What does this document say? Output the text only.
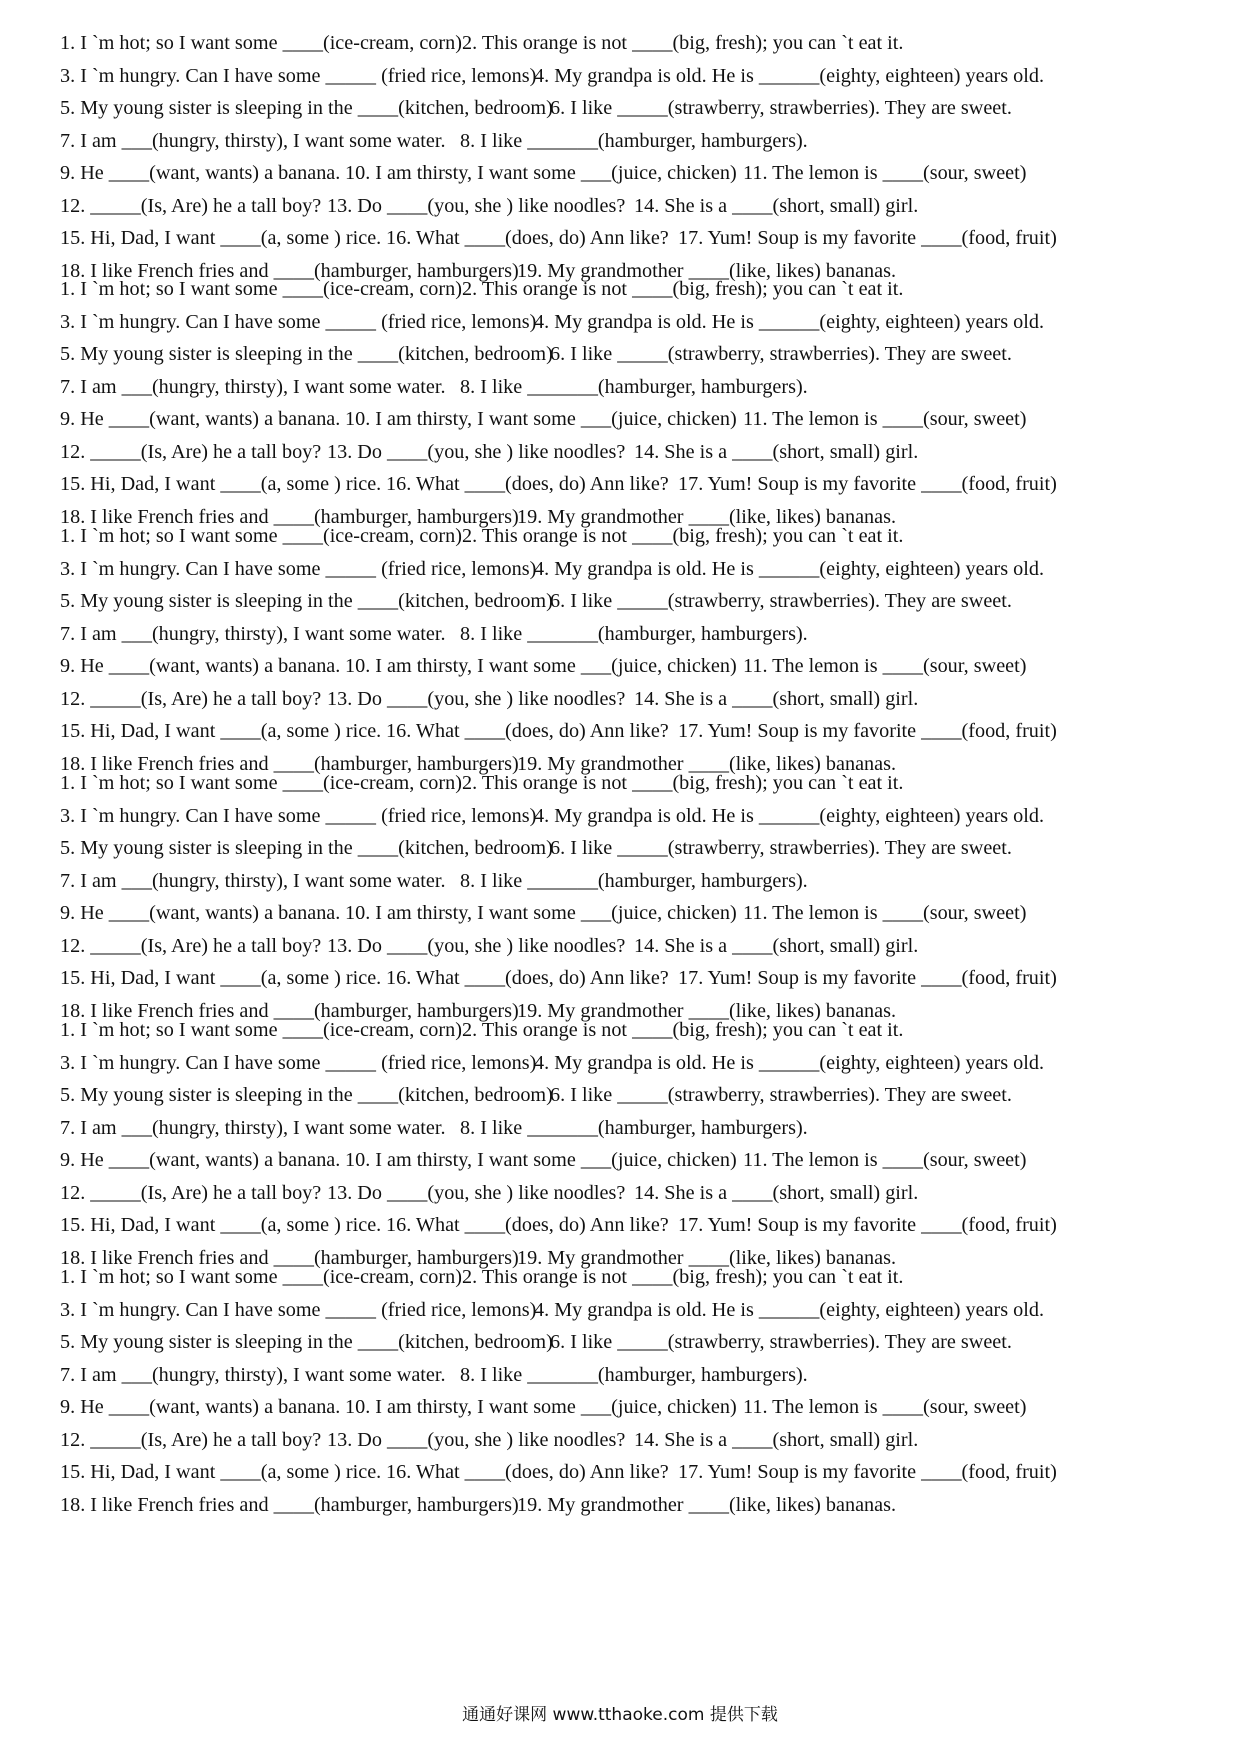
1. I `m hot; so I want some ____(ice-cream, corn) 2. This orange is not ____(big, fresh); you can `t eat it.
3. I `m hungry. Can I have some _____ (fried rice, lemons)
4. My grandpa is old. He is ______(eighty, eighteen) years old.
5. My young sister is sleeping in the ____(kitchen, bedroom)
6. I like _____(strawberry, strawberries). They are sweet.
7. I am ___(hungry, thirsty), I want some water. 8. I like _______(hamburger, hamburgers).
9. He ____(want, wants) a banana. 10. I am thirsty, I want some ___(juice, chicken) 11. The lemon is ____(sour, sweet)
12. _____(Is, Are) he a tall boy? 13. Do ____(you, she ) like noodles? 14. She is a ____(short, small) girl.
15. Hi, Dad, I want ____(a, some ) rice. 16. What ____(does, do) Ann like? 17. Yum! Soup is my favorite ____(food, fruit)
18. I like French fries and ____(hamburger, hamburgers)
19. My grandmother ____(like, likes) bananas.
1. I `m hot; so I want some ____(ice-cream, corn) 2. This orange is not ____(big, fresh); you can `t eat it.
3. I `m hungry. Can I have some _____ (fried rice, lemons)
4. My grandpa is old. He is ______(eighty, eighteen) years old.
5. My young sister is sleeping in the ____(kitchen, bedroom)
6. I like _____(strawberry, strawberries). They are sweet.
7. I am ___(hungry, thirsty), I want some water. 8. I like _______(hamburger, hamburgers).
9. He ____(want, wants) a banana. 10. I am thirsty, I want some ___(juice, chicken) 11. The lemon is ____(sour, sweet)
12. _____(Is, Are) he a tall boy? 13. Do ____(you, she ) like noodles? 14. She is a ____(short, small) girl.
15. Hi, Dad, I want ____(a, some ) rice. 16. What ____(does, do) Ann like? 17. Yum! Soup is my favorite ____(food, fruit)
18. I like French fries and ____(hamburger, hamburgers)
19. My grandmother ____(like, likes) bananas.
1. I `m hot; so I want some ____(ice-cream, corn) 2. This orange is not ____(big, fresh); you can `t eat it.
3. I `m hungry. Can I have some _____ (fried rice, lemons)
4. My grandpa is old. He is ______(eighty, eighteen) years old.
5. My young sister is sleeping in the ____(kitchen, bedroom)
6. I like _____(strawberry, strawberries). They are sweet.
7. I am ___(hungry, thirsty), I want some water. 8. I like _______(hamburger, hamburgers).
9. He ____(want, wants) a banana. 10. I am thirsty, I want some ___(juice, chicken) 11. The lemon is ____(sour, sweet)
12. _____(Is, Are) he a tall boy? 13. Do ____(you, she ) like noodles? 14. She is a ____(short, small) girl.
15. Hi, Dad, I want ____(a, some ) rice. 16. What ____(does, do) Ann like? 17. Yum! Soup is my favorite ____(food, fruit)
18. I like French fries and ____(hamburger, hamburgers)
19. My grandmother ____(like, likes) bananas.
1. I `m hot; so I want some ____(ice-cream, corn) 2. This orange is not ____(big, fresh); you can `t eat it.
3. I `m hungry. Can I have some _____ (fried rice, lemons)
4. My grandpa is old. He is ______(eighty, eighteen) years old.
5. My young sister is sleeping in the ____(kitchen, bedroom)
6. I like _____(strawberry, strawberries). They are sweet.
7. I am ___(hungry, thirsty), I want some water. 8. I like _______(hamburger, hamburgers).
9. He ____(want, wants) a banana. 10. I am thirsty, I want some ___(juice, chicken) 11. The lemon is ____(sour, sweet)
12. _____(Is, Are) he a tall boy? 13. Do ____(you, she ) like noodles? 14. She is a ____(short, small) girl.
15. Hi, Dad, I want ____(a, some ) rice. 16. What ____(does, do) Ann like? 17. Yum! Soup is my favorite ____(food, fruit)
18. I like French fries and ____(hamburger, hamburgers)
19. My grandmother ____(like, likes) bananas.
1. I `m hot; so I want some ____(ice-cream, corn) 2. This orange is not ____(big, fresh); you can `t eat it.
3. I `m hungry. Can I have some _____ (fried rice, lemons)
4. My grandpa is old. He is ______(eighty, eighteen) years old.
5. My young sister is sleeping in the ____(kitchen, bedroom)
6. I like _____(strawberry, strawberries). They are sweet.
7. I am ___(hungry, thirsty), I want some water. 8. I like _______(hamburger, hamburgers).
9. He ____(want, wants) a banana. 10. I am thirsty, I want some ___(juice, chicken) 11. The lemon is ____(sour, sweet)
12. _____(Is, Are) he a tall boy? 13. Do ____(you, she ) like noodles? 14. She is a ____(short, small) girl.
15. Hi, Dad, I want ____(a, some ) rice. 16. What ____(does, do) Ann like? 17. Yum! Soup is my favorite ____(food, fruit)
18. I like French fries and ____(hamburger, hamburgers)
19. My grandmother ____(like, likes) bananas.
1. I `m hot; so I want some ____(ice-cream, corn) 2. This orange is not ____(big, fresh); you can `t eat it.
3. I `m hungry. Can I have some _____ (fried rice, lemons)
4. My grandpa is old. He is ______(eighty, eighteen) years old.
5. My young sister is sleeping in the ____(kitchen, bedroom)
6. I like _____(strawberry, strawberries). They are sweet.
7. I am ___(hungry, thirsty), I want some water. 8. I like _______(hamburger, hamburgers).
9. He ____(want, wants) a banana. 10. I am thirsty, I want some ___(juice, chicken) 11. The lemon is ____(sour, sweet)
12. _____(Is, Are) he a tall boy? 13. Do ____(you, she ) like noodles? 14. She is a ____(short, small) girl.
15. Hi, Dad, I want ____(a, some ) rice. 16. What ____(does, do) Ann like? 17. Yum! Soup is my favorite ____(food, fruit)
18. I like French fries and ____(hamburger, hamburgers)
19. My grandmother ____(like, likes) bananas.
通通好课网 www.tthaoke.com 提供下载
